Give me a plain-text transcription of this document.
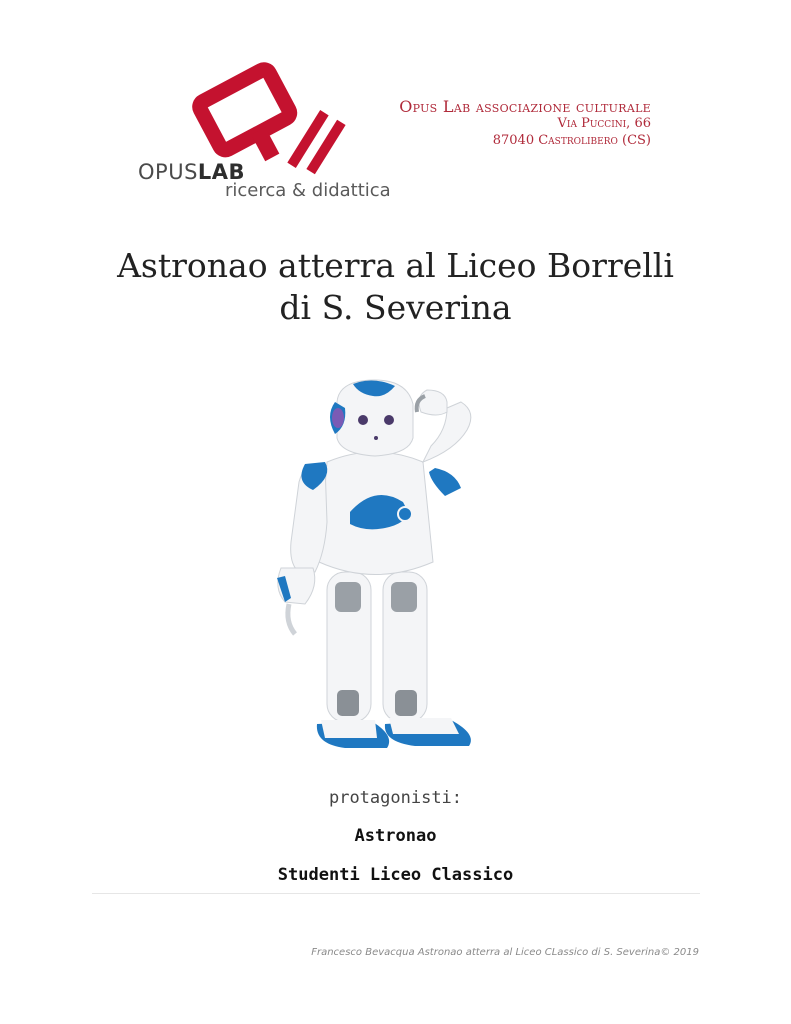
OPUSLAB
ricerca & didattica
Opus Lab associazione culturale
Via Puccini, 66
87040 Castrolibero (CS)
Astronao atterra al Liceo Borrelli
di S. Severina
protagonisti:
Astronao
Studenti Liceo Classico
Francesco Bevacqua Astronao atterra al Liceo CLassico di S. Severina© 2019
